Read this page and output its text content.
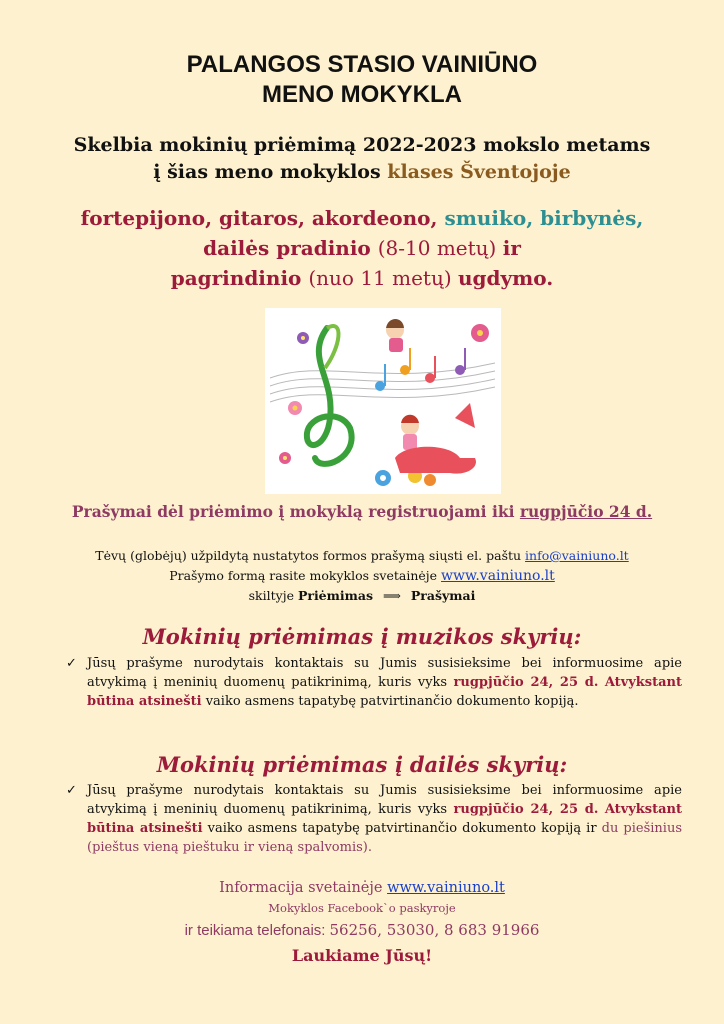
PALANGOS STASIO VAINIŪNO
MENO MOKYKLA
Skelbia mokinių priėmimą 2022-2023 mokslo metams
į šias meno mokyklos klases Šventojoje
fortepijono, gitaros, akordeono, smuiko, birbynės,
dailės pradinio (8-10 metų) ir
pagrindinio (nuo 11 metų) ugdymo.
Prašymai dėl priėmimo į mokyklą registruojami iki rugpjūčio 24 d.
Tėvų (globėjų) užpildytą nustatytos formos prašymą siųsti el. paštu info@vainiuno.lt
Prašymo formą rasite mokyklos svetainėje www.vainiuno.lt
skiltyje Priėmimas ⟹ Prašymai
Mokinių priėmimas į muzikos skyrių:
✓ Jūsų prašyme nurodytais kontaktais su Jumis susisieksime bei informuosime apie atvykimą į meninių duomenų patikrinimą, kuris vyks rugpjūčio 24, 25 d. Atvykstant būtina atsinešti vaiko asmens tapatybę patvirtinančio dokumento kopiją.
Mokinių priėmimas į dailės skyrių:
✓ Jūsų prašyme nurodytais kontaktais su Jumis susisieksime bei informuosime apie atvykimą į meninių duomenų patikrinimą, kuris vyks rugpjūčio 24, 25 d. Atvykstant būtina atsinešti vaiko asmens tapatybę patvirtinančio dokumento kopiją ir du piešinius (pieštus vieną pieštuku ir vieną spalvomis).
Informacija svetainėje www.vainiuno.lt
Mokyklos Facebook`o paskyroje
ir teikiama telefonais: 56256, 53030, 8 683 91966
Laukiame Jūsų!
